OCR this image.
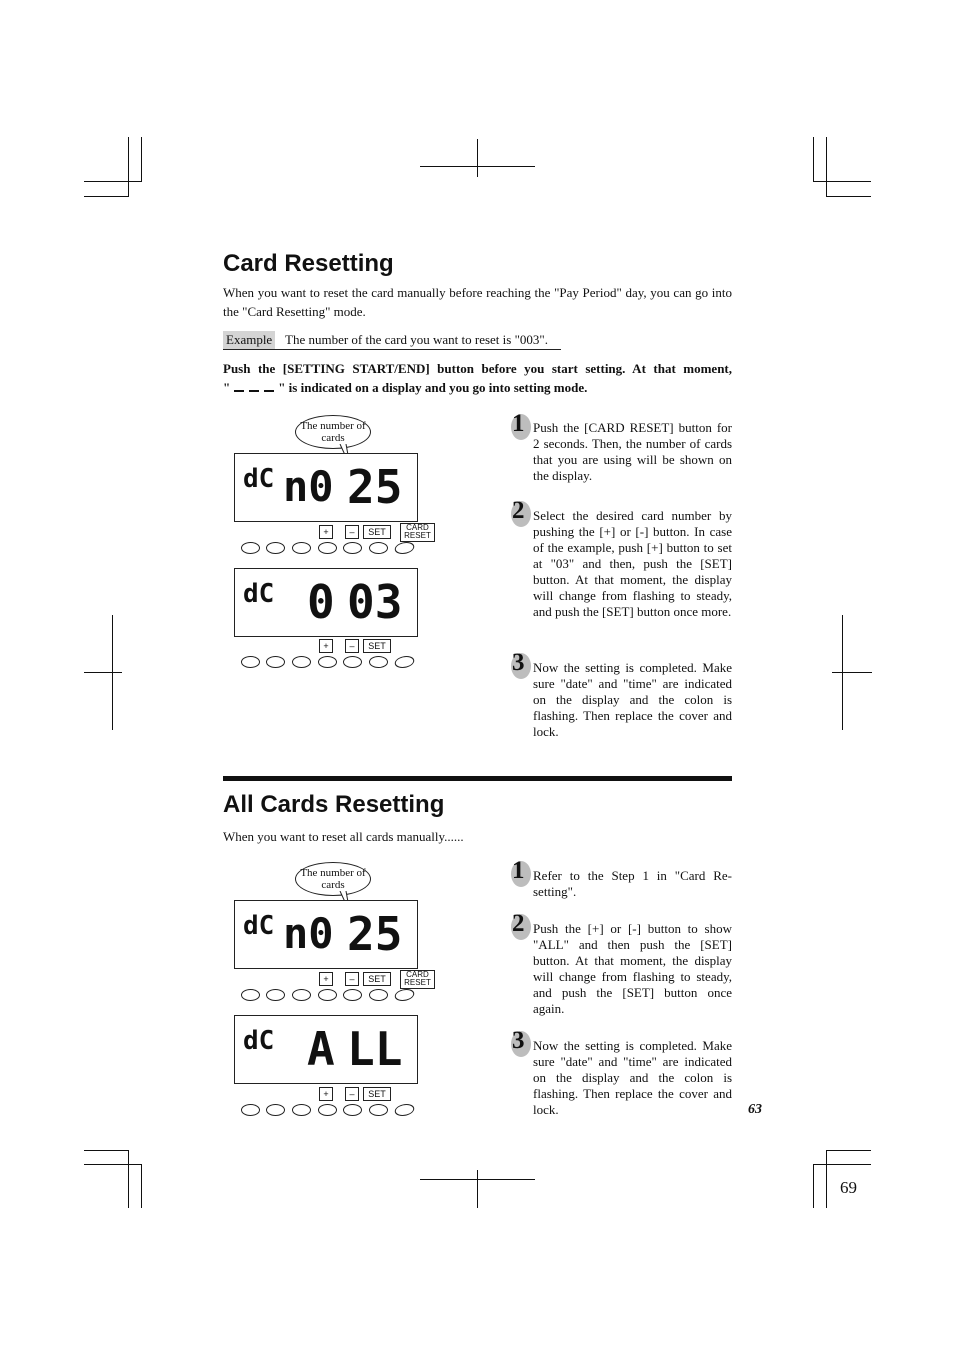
Card Resetting
When you want to reset the card manually before reaching the "Pay Period" day, you can go into the "Card Resetting" mode.
Example The number of the card you want to reset is "003".
Push the [SETTING START/END] button before you start setting. At that moment,
"	" is indicated on a display and you go into setting mode.
The number of cards
dC n0 25
+	–	SET	CARD RESET
dC 0 03
+	–	SET
1 Push the [CARD RESET] button for 2 seconds. Then, the number of cards that you are using will be shown on the display.
2 Select the desired card number by pushing the [+] or [-] button. In case of the example, push [+] button to set at "03" and then, push the [SET] button. At that moment, the display will change from flashing to steady, and push the [SET] button once more.
3 Now the setting is completed. Make sure "date" and "time" are indicated on the display and the colon is flashing. Then replace the cover and lock.
All Cards Resetting
When you want to reset all cards manually......
The number of cards
dC n0 25
+	–	SET	CARD RESET
dC A LL
+	–	SET
1 Refer to the Step 1 in "Card Re-setting".
2 Push the [+] or [-] button to show "ALL" and then push the [SET] button. At that moment, the display will change from flashing to steady, and push the [SET] button once again.
3 Now the setting is completed. Make sure "date" and "time" are indicated on the display and the colon is flashing. Then replace the cover and lock.	63
69
